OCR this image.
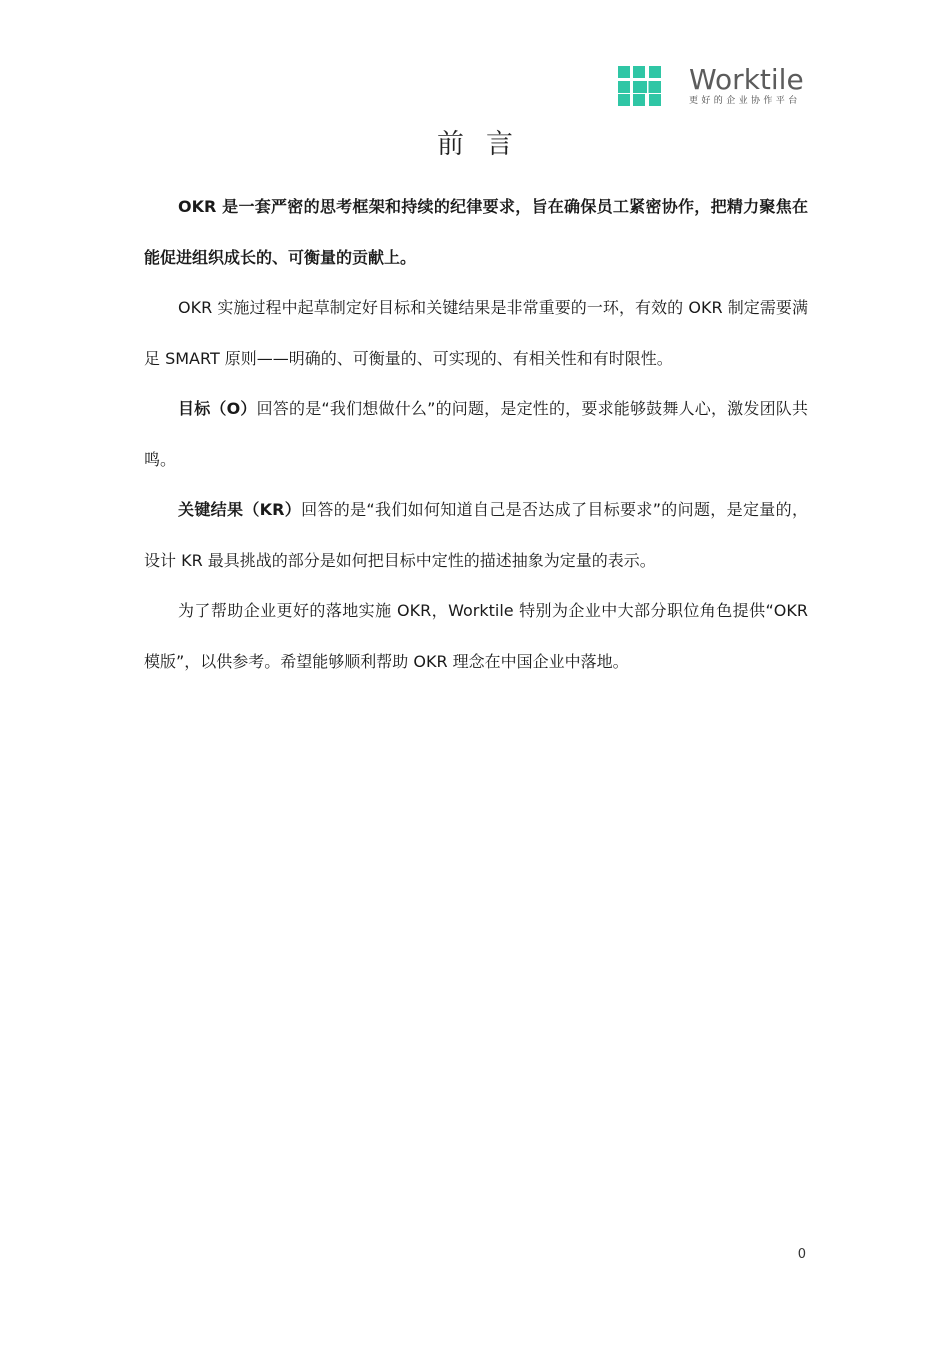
Worktile
更好的企业协作平台
前言

OKR 是一套严密的思考框架和持续的纪律要求，旨在确保员工紧密协作，把精力聚焦在能促进组织成长的、可衡量的贡献上。

OKR 实施过程中起草制定好目标和关键结果是非常重要的一环，有效的 OKR 制定需要满足 SMART 原则——明确的、可衡量的、可实现的、有相关性和有时限性。

目标（O）回答的是“我们想做什么”的问题，是定性的，要求能够鼓舞人心，激发团队共鸣。

关键结果（KR）回答的是“我们如何知道自己是否达成了目标要求”的问题，是定量的，设计 KR 最具挑战的部分是如何把目标中定性的描述抽象为定量的表示。

为了帮助企业更好的落地实施 OKR，Worktile 特别为企业中大部分职位角色提供“OKR 模版”，以供参考。希望能够顺利帮助 OKR 理念在中国企业中落地。

0
